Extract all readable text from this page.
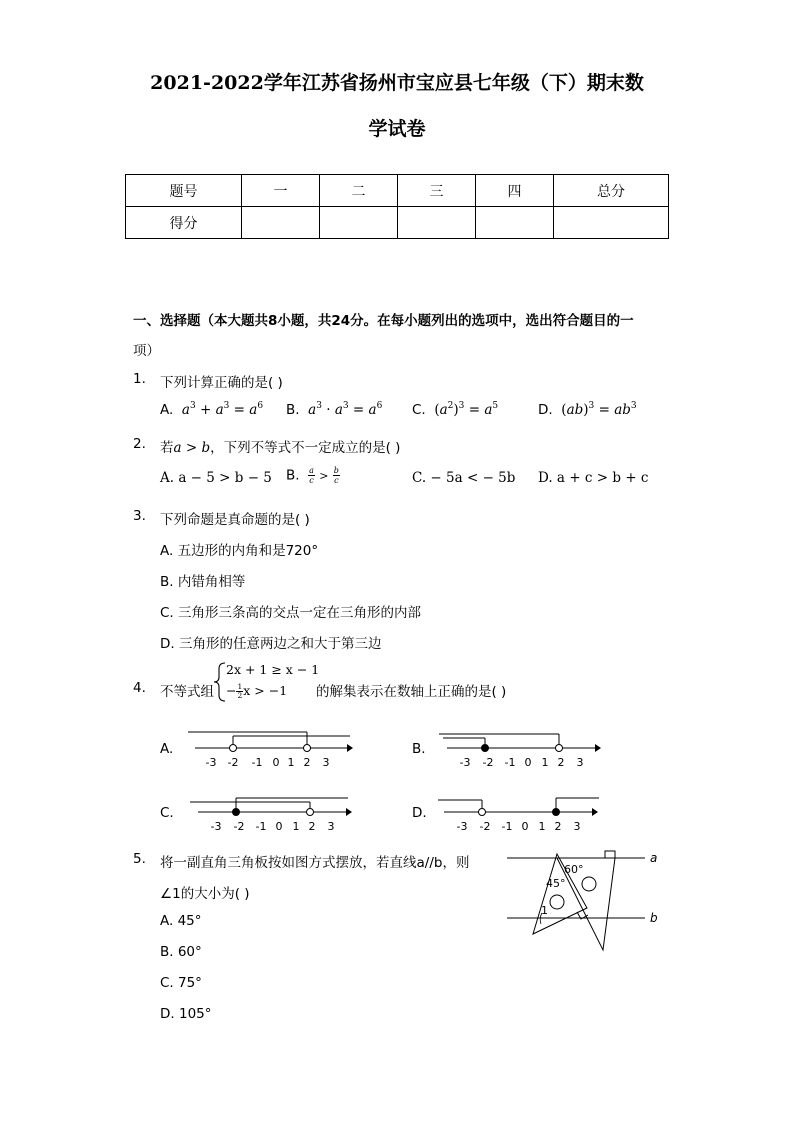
2021-2022学年江苏省扬州市宝应县七年级（下）期末数
学试卷
题号	一	二	三	四	总分
得分					
一、选择题（本大题共8小题，共24分。在每小题列出的选项中，选出符合题目的一
项）
1. 下列计算正确的是( )
A. $a^3 + a^3 = a^6$ B. $a^3 \cdot a^3 = a^6$ C. $(a^2)^3 = a^5$	D. $(ab)^3 = ab^3$
2. 若a > b，下列不等式不一定成立的是( )
A. a − 5 > b − 5 B. $\frac{a}{c} > \frac{b}{c}$	C. − 5a < − 5b D. a + c > b + c
3. 下列命题是真命题的是( )
A. 五边形的内角和是720°
B. 内错角相等
C. 三角形三条高的交点一定在三角形的内部
D. 三角形的任意两边之和大于第三边
4. 不等式组
2x + 1 ≥ x − 1
− $\frac{1}{2}$ x > −1 的解集表示在数轴上正确的是( )
A.	B.
C.	D.
-3 -2 -1 0 1 2 3	-3 -2 -1 0 1 2 3
-3 -2 -1 0 1 2 3	-3 -2 -1 0 1 2 3
5. 将一副直角三角板按如图方式摆放，若直线a//b，则
∠1的大小为( )
A. 45°
B. 60°
C. 75°
D. 105°
a
b
60°
45°
1
